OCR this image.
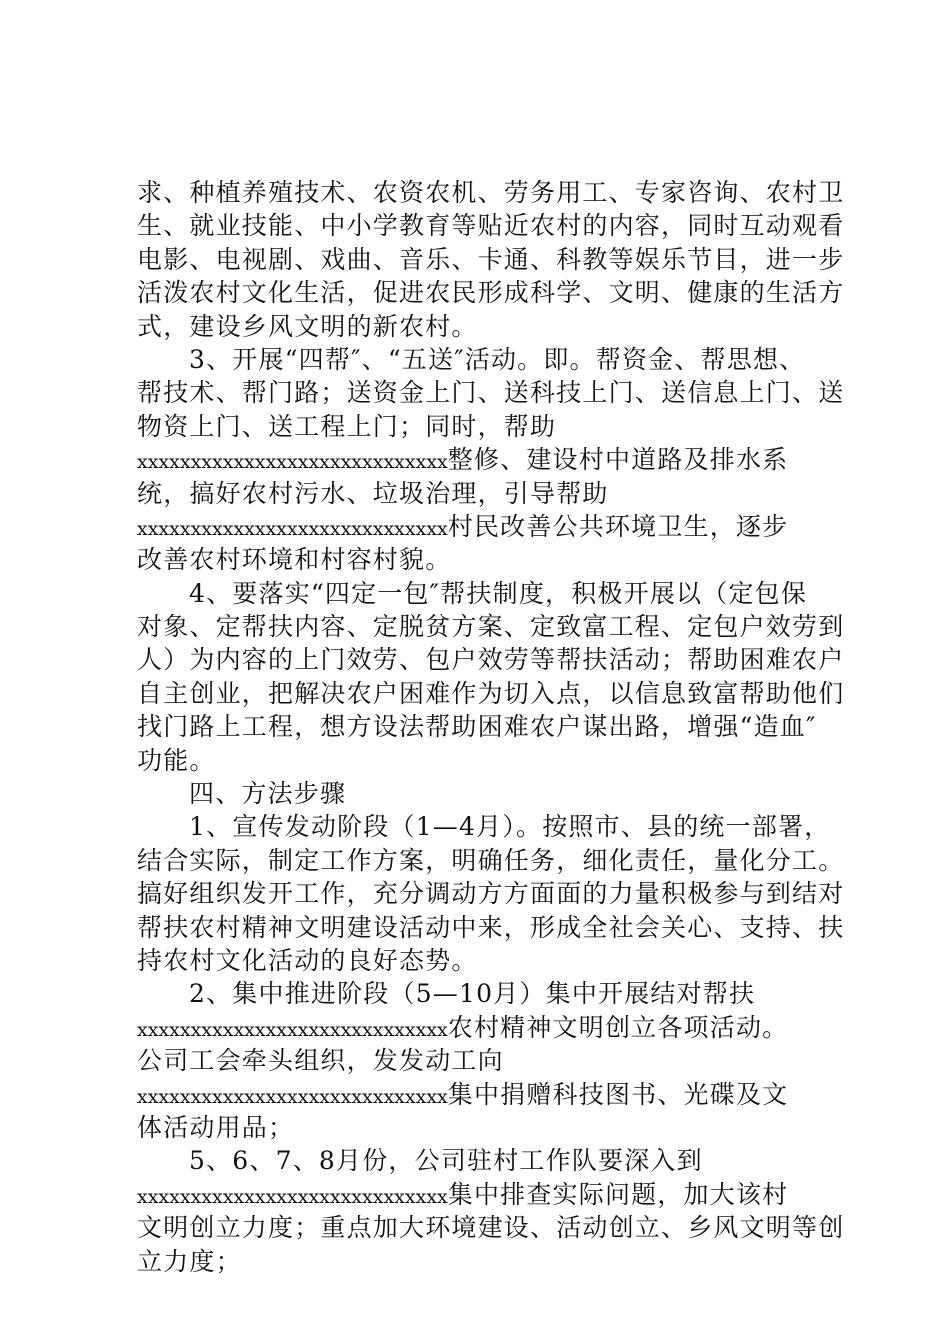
求、种植养殖技术、农资农机、劳务用工、专家咨询、农村卫
生、就业技能、中小学教育等贴近农村的内容，同时互动观看
电影、电视剧、戏曲、音乐、卡通、科教等娱乐节目，进一步
活泼农村文化生活，促进农民形成科学、文明、健康的生活方
式，建设乡风文明的新农村。
3、开展“四帮″、“五送″活动。即。帮资金、帮思想、
帮技术、帮门路；送资金上门、送科技上门、送信息上门、送
物资上门、送工程上门；同时，帮助
xxxxxxxxxxxxxxxxxxxxxxxxxxxxx整修、建设村中道路及排水系
统，搞好农村污水、垃圾治理，引导帮助
xxxxxxxxxxxxxxxxxxxxxxxxxxxxx村民改善公共环境卫生，逐步
改善农村环境和村容村貌。
4、要落实“四定一包″帮扶制度，积极开展以（定包保
对象、定帮扶内容、定脱贫方案、定致富工程、定包户效劳到
人）为内容的上门效劳、包户效劳等帮扶活动；帮助困难农户
自主创业，把解决农户困难作为切入点，以信息致富帮助他们
找门路上工程，想方设法帮助困难农户谋出路，增强“造血″
功能。
四、方法步骤
1、宣传发动阶段（1—4月）。按照市、县的统一部署，
结合实际，制定工作方案，明确任务，细化责任，量化分工。
搞好组织发开工作，充分调动方方面面的力量积极参与到结对
帮扶农村精神文明建设活动中来，形成全社会关心、支持、扶
持农村文化活动的良好态势。
2、集中推进阶段（5—10月）集中开展结对帮扶
xxxxxxxxxxxxxxxxxxxxxxxxxxxxx农村精神文明创立各项活动。
公司工会牵头组织，发发动工向
xxxxxxxxxxxxxxxxxxxxxxxxxxxxx集中捐赠科技图书、光碟及文
体活动用品；
5、6、7、8月份，公司驻村工作队要深入到
xxxxxxxxxxxxxxxxxxxxxxxxxxxxx集中排查实际问题，加大该村
文明创立力度；重点加大环境建设、活动创立、乡风文明等创
立力度；
